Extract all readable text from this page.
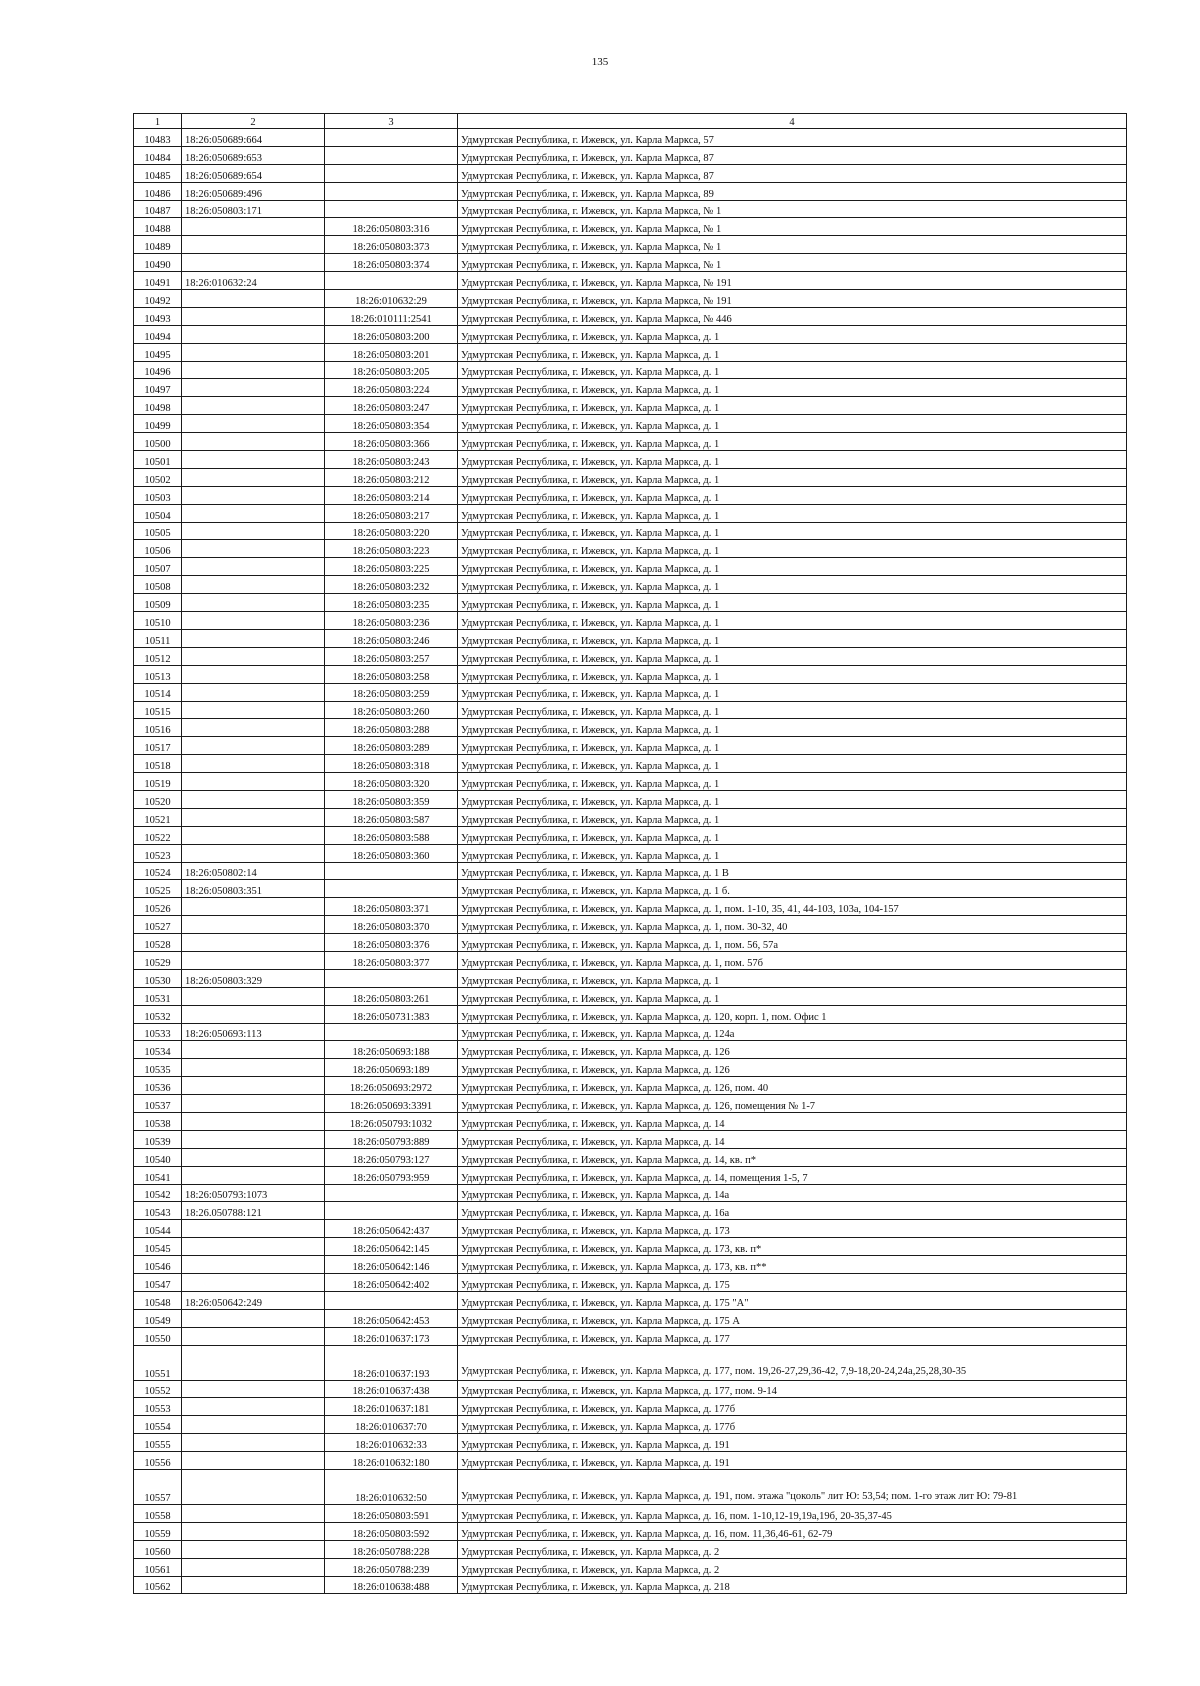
135
1	2	3	4
10483	18:26:050689:664		Удмуртская Республика, г. Ижевск, ул. Карла Маркса, 57
10484	18:26:050689:653		Удмуртская Республика, г. Ижевск, ул. Карла Маркса, 87
10485	18:26:050689:654		Удмуртская Республика, г. Ижевск, ул. Карла Маркса, 87
10486	18:26:050689:496		Удмуртская Республика, г. Ижевск, ул. Карла Маркса, 89
10487	18:26:050803:171		Удмуртская Республика, г. Ижевск, ул. Карла Маркса, № 1
10488		18:26:050803:316	Удмуртская Республика, г. Ижевск, ул. Карла Маркса, № 1
10489		18:26:050803:373	Удмуртская Республика, г. Ижевск, ул. Карла Маркса, № 1
10490		18:26:050803:374	Удмуртская Республика, г. Ижевск, ул. Карла Маркса, № 1
10491	18:26:010632:24		Удмуртская Республика, г. Ижевск, ул. Карла Маркса, № 191
10492		18:26:010632:29	Удмуртская Республика, г. Ижевск, ул. Карла Маркса, № 191
10493		18:26:010111:2541	Удмуртская Республика, г. Ижевск, ул. Карла Маркса, № 446
10494		18:26:050803:200	Удмуртская Республика, г. Ижевск, ул. Карла Маркса, д. 1
10495		18:26:050803:201	Удмуртская Республика, г. Ижевск, ул. Карла Маркса, д. 1
10496		18:26:050803:205	Удмуртская Республика, г. Ижевск, ул. Карла Маркса, д. 1
10497		18:26:050803:224	Удмуртская Республика, г. Ижевск, ул. Карла Маркса, д. 1
10498		18:26:050803:247	Удмуртская Республика, г. Ижевск, ул. Карла Маркса, д. 1
10499		18:26:050803:354	Удмуртская Республика, г. Ижевск, ул. Карла Маркса, д. 1
10500		18:26:050803:366	Удмуртская Республика, г. Ижевск, ул. Карла Маркса, д. 1
10501		18:26:050803:243	Удмуртская Республика, г. Ижевск, ул. Карла Маркса, д. 1
10502		18:26:050803:212	Удмуртская Республика, г. Ижевск, ул. Карла Маркса, д. 1
10503		18:26:050803:214	Удмуртская Республика, г. Ижевск, ул. Карла Маркса, д. 1
10504		18:26:050803:217	Удмуртская Республика, г. Ижевск, ул. Карла Маркса, д. 1
10505		18:26:050803:220	Удмуртская Республика, г. Ижевск, ул. Карла Маркса, д. 1
10506		18:26:050803:223	Удмуртская Республика, г. Ижевск, ул. Карла Маркса, д. 1
10507		18:26:050803:225	Удмуртская Республика, г. Ижевск, ул. Карла Маркса, д. 1
10508		18:26:050803:232	Удмуртская Республика, г. Ижевск, ул. Карла Маркса, д. 1
10509		18:26:050803:235	Удмуртская Республика, г. Ижевск, ул. Карла Маркса, д. 1
10510		18:26:050803:236	Удмуртская Республика, г. Ижевск, ул. Карла Маркса, д. 1
10511		18:26:050803:246	Удмуртская Республика, г. Ижевск, ул. Карла Маркса, д. 1
10512		18:26:050803:257	Удмуртская Республика, г. Ижевск, ул. Карла Маркса, д. 1
10513		18:26:050803:258	Удмуртская Республика, г. Ижевск, ул. Карла Маркса, д. 1
10514		18:26:050803:259	Удмуртская Республика, г. Ижевск, ул. Карла Маркса, д. 1
10515		18:26:050803:260	Удмуртская Республика, г. Ижевск, ул. Карла Маркса, д. 1
10516		18:26:050803:288	Удмуртская Республика, г. Ижевск, ул. Карла Маркса, д. 1
10517		18:26:050803:289	Удмуртская Республика, г. Ижевск, ул. Карла Маркса, д. 1
10518		18:26:050803:318	Удмуртская Республика, г. Ижевск, ул. Карла Маркса, д. 1
10519		18:26:050803:320	Удмуртская Республика, г. Ижевск, ул. Карла Маркса, д. 1
10520		18:26:050803:359	Удмуртская Республика, г. Ижевск, ул. Карла Маркса, д. 1
10521		18:26:050803:587	Удмуртская Республика, г. Ижевск, ул. Карла Маркса, д. 1
10522		18:26:050803:588	Удмуртская Республика, г. Ижевск, ул. Карла Маркса, д. 1
10523		18:26:050803:360	Удмуртская Республика, г. Ижевск, ул. Карла Маркса, д. 1
10524	18:26:050802:14		Удмуртская Республика, г. Ижевск, ул. Карла Маркса, д. 1 В
10525	18:26:050803:351		Удмуртская Республика, г. Ижевск, ул. Карла Маркса, д. 1 б.
10526		18:26:050803:371	Удмуртская Республика, г. Ижевск, ул. Карла Маркса, д. 1, пом. 1-10, 35, 41, 44-103, 103а, 104-157
10527		18:26:050803:370	Удмуртская Республика, г. Ижевск, ул. Карла Маркса, д. 1, пом. 30-32, 40
10528		18:26:050803:376	Удмуртская Республика, г. Ижевск, ул. Карла Маркса, д. 1, пом. 56, 57а
10529		18:26:050803:377	Удмуртская Республика, г. Ижевск, ул. Карла Маркса, д. 1, пом. 57б
10530	18:26:050803:329		Удмуртская Республика, г. Ижевск, ул. Карла Маркса, д. 1
10531		18:26:050803:261	Удмуртская Республика, г. Ижевск, ул. Карла Маркса, д. 1
10532		18:26:050731:383	Удмуртская Республика, г. Ижевск, ул. Карла Маркса, д. 120, корп. 1, пом. Офис 1
10533	18:26:050693:113		Удмуртская Республика, г. Ижевск, ул. Карла Маркса, д. 124а
10534		18:26:050693:188	Удмуртская Республика, г. Ижевск, ул. Карла Маркса, д. 126
10535		18:26:050693:189	Удмуртская Республика, г. Ижевск, ул. Карла Маркса, д. 126
10536		18:26:050693:2972	Удмуртская Республика, г. Ижевск, ул. Карла Маркса, д. 126, пом. 40
10537		18:26:050693:3391	Удмуртская Республика, г. Ижевск, ул. Карла Маркса, д. 126, помещения № 1-7
10538		18:26:050793:1032	Удмуртская Республика, г. Ижевск, ул. Карла Маркса, д. 14
10539		18:26:050793:889	Удмуртская Республика, г. Ижевск, ул. Карла Маркса, д. 14
10540		18:26:050793:127	Удмуртская Республика, г. Ижевск, ул. Карла Маркса, д. 14, кв. п*
10541		18:26:050793:959	Удмуртская Республика, г. Ижевск, ул. Карла Маркса, д. 14, помещения 1-5, 7
10542	18:26:050793:1073		Удмуртская Республика, г. Ижевск, ул. Карла Маркса, д. 14а
10543	18:26.050788:121		Удмуртская Республика, г. Ижевск, ул. Карла Маркса, д. 16а
10544		18:26:050642:437	Удмуртская Республика, г. Ижевск, ул. Карла Маркса, д. 173
10545		18:26:050642:145	Удмуртская Республика, г. Ижевск, ул. Карла Маркса, д. 173, кв. п*
10546		18:26:050642:146	Удмуртская Республика, г. Ижевск, ул. Карла Маркса, д. 173, кв. п**
10547		18:26:050642:402	Удмуртская Республика, г. Ижевск, ул. Карла Маркса, д. 175
10548	18:26:050642:249		Удмуртская Республика, г. Ижевск, ул. Карла Маркса, д. 175 "А"
10549		18:26:050642:453	Удмуртская Республика, г. Ижевск, ул. Карла Маркса, д. 175 А
10550		18:26:010637:173	Удмуртская Республика, г. Ижевск, ул. Карла Маркса, д. 177
10551		18:26:010637:193	Удмуртская Республика, г. Ижевск, ул. Карла Маркса, д. 177, пом. 19,26-27,29,36-42, 7,9-18,20-24,24а,25,28,30-35
10552		18:26:010637:438	Удмуртская Республика, г. Ижевск, ул. Карла Маркса, д. 177, пом. 9-14
10553		18:26:010637:181	Удмуртская Республика, г. Ижевск, ул. Карла Маркса, д. 177б
10554		18:26:010637:70	Удмуртская Республика, г. Ижевск, ул. Карла Маркса, д. 177б
10555		18:26:010632:33	Удмуртская Республика, г. Ижевск, ул. Карла Маркса, д. 191
10556		18:26:010632:180	Удмуртская Республика, г. Ижевск, ул. Карла Маркса, д. 191
10557		18:26:010632:50	Удмуртская Республика, г. Ижевск, ул. Карла Маркса, д. 191, пом. этажа "цоколь" лит Ю: 53,54; пом. 1-го этаж лит Ю: 79-81
10558		18:26:050803:591	Удмуртская Республика, г. Ижевск, ул. Карла Маркса, д. 16, пом. 1-10,12-19,19а,19б, 20-35,37-45
10559		18:26:050803:592	Удмуртская Республика, г. Ижевск, ул. Карла Маркса, д. 16, пом. 11,36,46-61, 62-79
10560		18:26:050788:228	Удмуртская Республика, г. Ижевск, ул. Карла Маркса, д. 2
10561		18:26:050788:239	Удмуртская Республика, г. Ижевск, ул. Карла Маркса, д. 2
10562		18:26:010638:488	Удмуртская Республика, г. Ижевск, ул. Карла Маркса, д. 218
